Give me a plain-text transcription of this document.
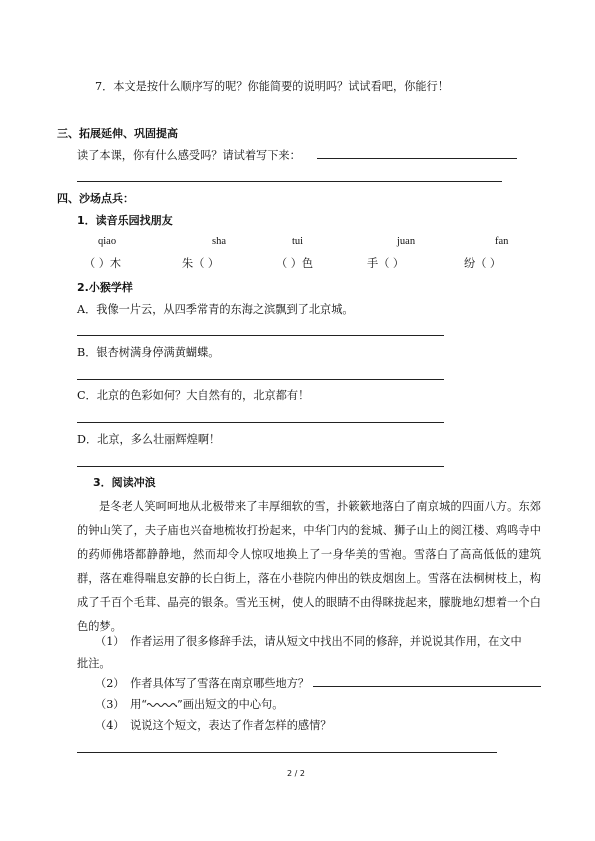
7．本文是按什么顺序写的呢？你能简要的说明吗？试试看吧，你能行！
三、拓展延伸、巩固提高
读了本课，你有什么感受吗？请试着写下来：
四、沙场点兵：
1．读音乐园找朋友
qiao	sha	tui	juan	fan
（ ）木	朱（ ）	（ ）色	手（ ）	纷（ ）
2.小猴学样
A．我像一片云，从四季常青的东海之滨飘到了北京城。
B．银杏树满身停满黄蝴蝶。
C．北京的色彩如何？大自然有的，北京都有！
D．北京，多么壮丽辉煌啊！
3．阅读冲浪
是冬老人笑呵呵地从北极带来了丰厚细软的雪，扑簌簌地落白了南京城的四面八方。东郊的钟山笑了，夫子庙也兴奋地梳妆打扮起来，中华门内的瓮城、狮子山上的阅江楼、鸡鸣寺中的药师佛塔都静静地，然而却令人惊叹地换上了一身华美的雪袍。雪落白了高高低低的建筑群，落在难得喘息安静的长白街上，落在小巷院内伸出的铁皮烟囱上。雪落在法桐树枝上，构成了千百个毛茸、晶亮的银条。雪光玉树，使人的眼睛不由得眯拢起来，朦胧地幻想着一个白色的梦。
（1）　作者运用了很多修辞手法，请从短文中找出不同的修辞，并说说其作用，在文中
批注。
（2）　作者具体写了雪落在南京哪些地方？
（3）　用“	”画出短文的中心句。
（4）　说说这个短文，表达了作者怎样的感情？
2 / 2
